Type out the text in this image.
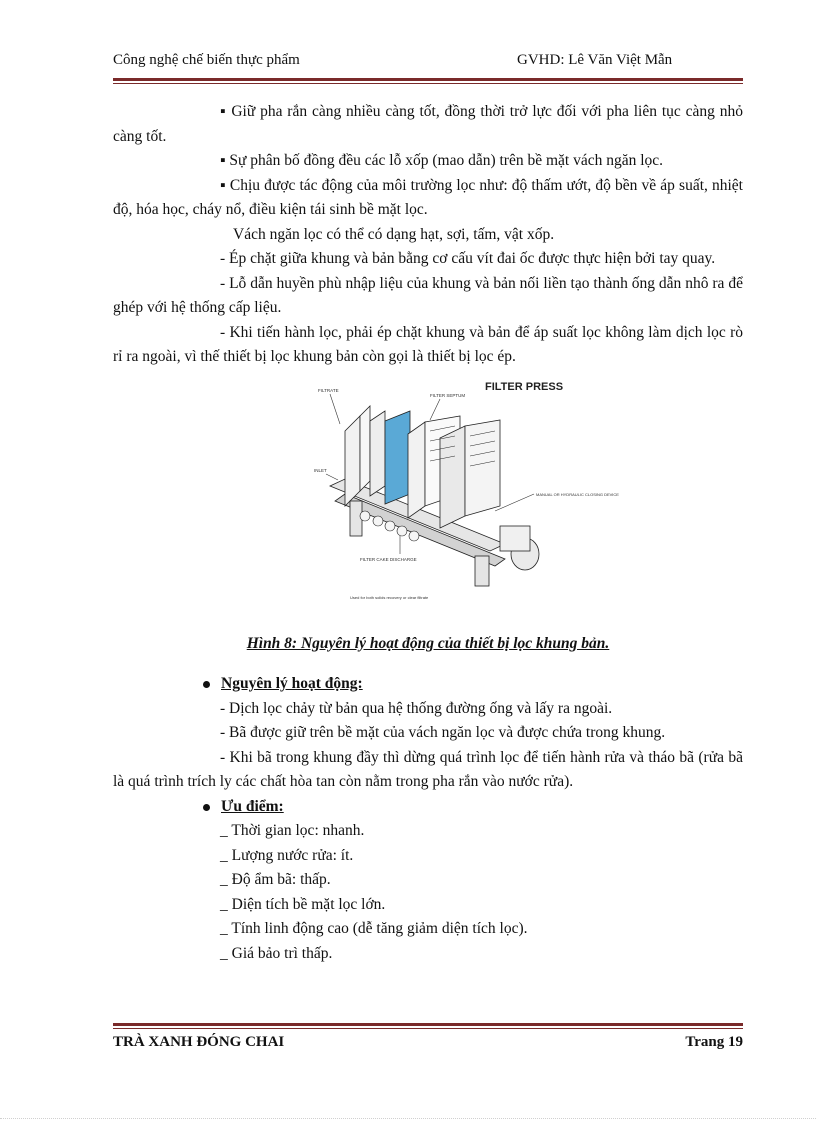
Công nghệ chế biến thực phẩm	GVHD: Lê Văn Việt Mẫn

▪ Giữ pha rắn càng nhiều càng tốt, đồng thời trở lực đối với pha liên tục càng nhỏ càng tốt.

▪ Sự phân bố đồng đều các lỗ xốp (mao dẫn) trên bề mặt vách ngăn lọc.

▪ Chịu được tác động của môi trường lọc như: độ thấm ướt, độ bền về áp suất, nhiệt độ, hóa học, cháy nổ, điều kiện tái sinh bề mặt lọc.

Vách ngăn lọc có thể có dạng hạt, sợi, tấm, vật xốp.

- Ép chặt giữa khung và bản bằng cơ cấu vít đai ốc được thực hiện bởi tay quay.

- Lỗ dẫn huyền phù nhập liệu của khung và bản nối liền tạo thành ống dẫn nhô ra để ghép với hệ thống cấp liệu.

- Khi tiến hành lọc, phải ép chặt khung và bản để áp suất lọc không làm dịch lọc rò rỉ ra ngoài, vì thế thiết bị lọc khung bản còn gọi là thiết bị lọc ép.

FILTER PRESS
FILTRATE
FILTER SEPTUM
INLET
MANUAL OR HYDRAULIC CLOSING DEVICE
FILTER CAKE DISCHARGE
Used for both solids recovery or clear filtrate
Hình 8: Nguyên lý hoạt động của thiết bị lọc khung bản.
Nguyên lý hoạt động:

- Dịch lọc chảy từ bản qua hệ thống đường ống và lấy ra ngoài.

- Bã được giữ trên bề mặt của vách ngăn lọc và được chứa trong khung.

- Khi bã trong khung đầy thì dừng quá trình lọc để tiến hành rửa và tháo bã (rửa bã là quá trình trích ly các chất hòa tan còn nằm trong pha rắn vào nước rửa).

Ưu điểm:

_ Thời gian lọc: nhanh.

_ Lượng nước rửa: ít.

_ Độ ẩm bã: thấp.

_ Diện tích bề mặt lọc lớn.

_ Tính linh động cao (dễ tăng giảm diện tích lọc).

_ Giá bảo trì thấp.

TRÀ XANH ĐÓNG CHAI	Trang 19
